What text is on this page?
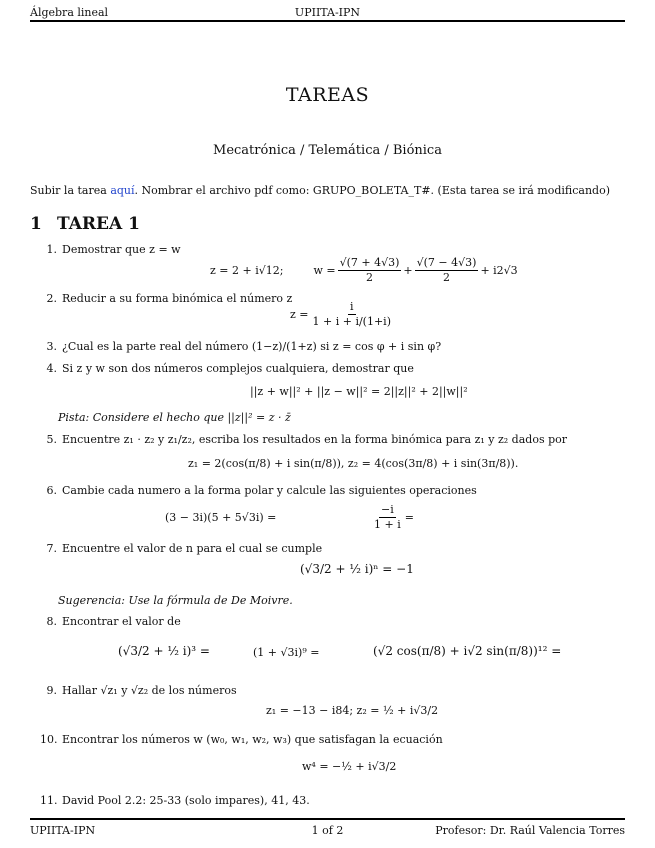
Álgebra lineal	UPIITA-IPN
TAREAS
Mecatrónica / Telemática / Biónica
Subir la tarea aquí. Nombrar el archivo pdf como: GRUPO_BOLETA_T#. (Esta tarea se irá modificando)
1 TAREA 1
1. Demostrar que z = w
z = 2 + i√12;	$w = \frac{√(7 + 4√3)}{2} + \frac{√(7 - 4√3)}{2} + i2√3$
2. Reducir a su forma binómica el número z
$z = \frac{i}{1 + i + i/(1+i)}$
3. ¿Cual es la parte real del número (1−z)/(1+z) si z = cos φ + i sin φ?
4. Si z y w son dos números complejos cualquiera, demostrar que
||z + w||² + ||z − w||² = 2||z||² + 2||w||²
Pista: Considere el hecho que ||z||² = z · z̄
5. Encuentre z₁ · z₂ y z₁/z₂, escriba los resultados en la forma binómica para z₁ y z₂ dados por
z₁ = 2(cos(π/8) + i sin(π/8)), z₂ = 4(cos(3π/8) + i sin(3π/8)).
6. Cambie cada numero a la forma polar y calcule las siguientes operaciones
(3 − 3i)(5 + 5√3i) =	$\frac{-i}{1 + i}$ =
7. Encuentre el valor de n para el cual se cumple
(√3/2 + ½ i)ⁿ = −1
Sugerencia: Use la fórmula de De Moivre.
8. Encontrar el valor de
(√3/2 + ½ i)³ =	(1 + √3i)⁹ =	(√2 cos(π/8) + i√2 sin(π/8))¹² =
9. Hallar √z₁ y √z₂ de los números
z₁ = −13 − i84; z₂ = ½ + i√3/2
10. Encontrar los números w (w₀, w₁, w₂, w₃) que satisfagan la ecuación
w⁴ = −½ + i√3/2
11. David Pool 2.2: 25-33 (solo impares), 41, 43.
UPIITA-IPN	1 of 2	Profesor: Dr. Raúl Valencia Torres
